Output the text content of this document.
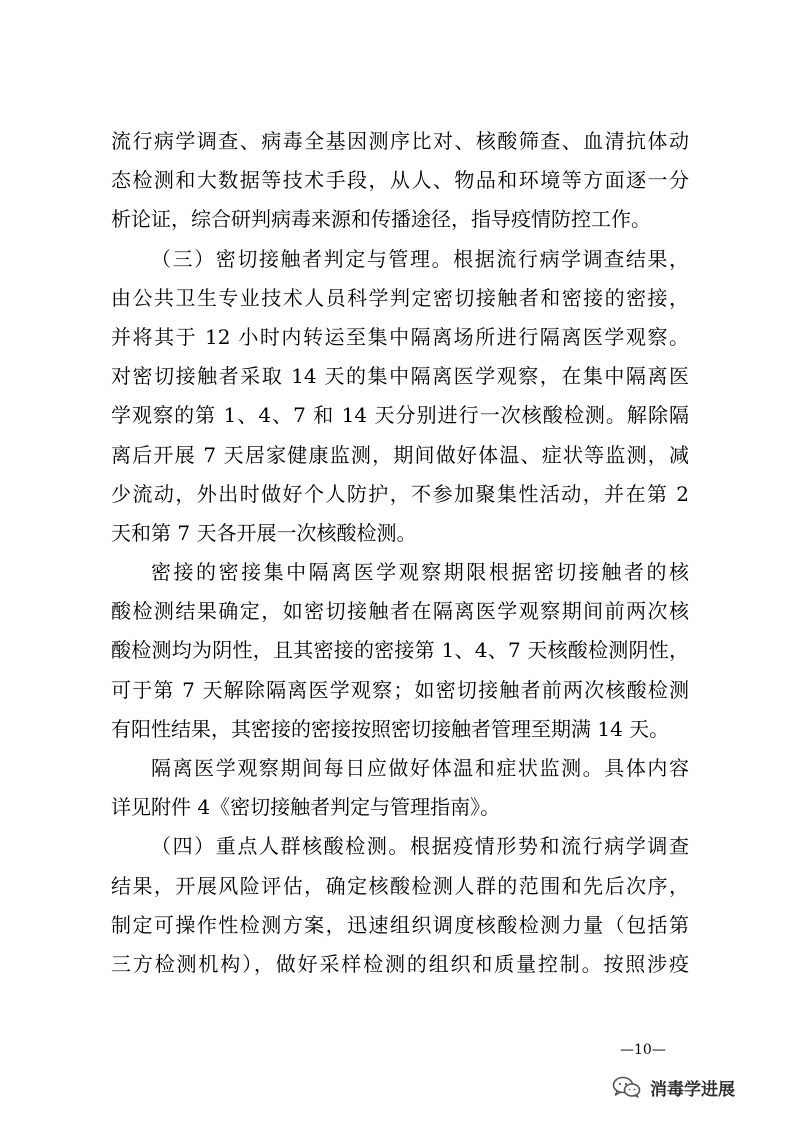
流行病学调查、病毒全基因测序比对、核酸筛查、血清抗体动
态检测和大数据等技术手段，从人、物品和环境等方面逐一分
析论证，综合研判病毒来源和传播途径，指导疫情防控工作。
（三）密切接触者判定与管理。根据流行病学调查结果，
由公共卫生专业技术人员科学判定密切接触者和密接的密接，
并将其于 12 小时内转运至集中隔离场所进行隔离医学观察。
对密切接触者采取 14 天的集中隔离医学观察，在集中隔离医
学观察的第 1、4、7 和 14 天分别进行一次核酸检测。解除隔
离后开展 7 天居家健康监测，期间做好体温、症状等监测，减
少流动，外出时做好个人防护，不参加聚集性活动，并在第 2
天和第 7 天各开展一次核酸检测。
密接的密接集中隔离医学观察期限根据密切接触者的核
酸检测结果确定，如密切接触者在隔离医学观察期间前两次核
酸检测均为阴性，且其密接的密接第 1、4、7 天核酸检测阴性，
可于第 7 天解除隔离医学观察；如密切接触者前两次核酸检测
有阳性结果，其密接的密接按照密切接触者管理至期满 14 天。
隔离医学观察期间每日应做好体温和症状监测。具体内容
详见附件 4《密切接触者判定与管理指南》。
（四）重点人群核酸检测。根据疫情形势和流行病学调查
结果，开展风险评估，确定核酸检测人群的范围和先后次序，
制定可操作性检测方案，迅速组织调度核酸检测力量（包括第
三方检测机构），做好采样检测的组织和质量控制。按照涉疫
—10—
消毒学进展
